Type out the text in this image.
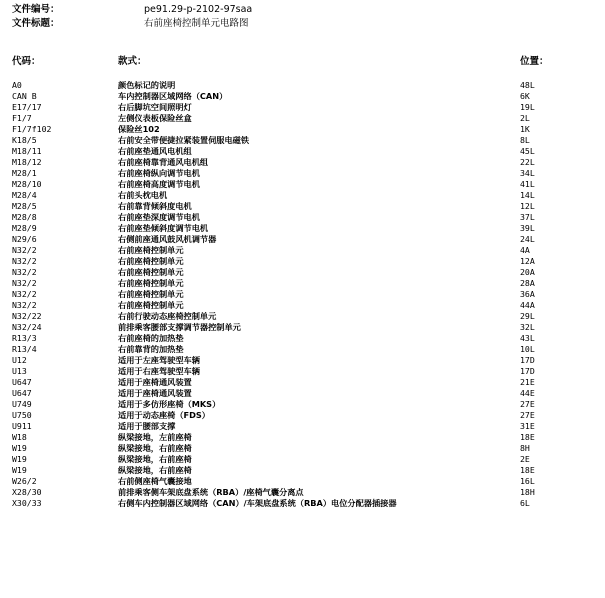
文件编号：	pe91.29-p-2102-97saa
文件标题：	右前座椅控制单元电路图
代码：	款式：	位置：
A0	颜色标记的说明	48L
CAN B	车内控制器区域网络（CAN）	6K
E17/17	右后脚坑空间照明灯	19L
F1/7	左侧仪表板保险丝盒	2L
F1/7f102	保险丝102	1K
K18/5	右前安全带便捷拉紧装置伺服电磁铁	8L
M18/11	右前座垫通风电机组	45L
M18/12	右前座椅靠背通风电机组	22L
M28/1	右前座椅纵向调节电机	34L
M28/10	右前座椅高度调节电机	41L
M28/4	右前头枕电机	14L
M28/5	右前靠背倾斜度电机	12L
M28/8	右前座垫深度调节电机	37L
M28/9	右前座垫倾斜度调节电机	39L
N29/6	右侧前座通风鼓风机调节器	24L
N32/2	右前座椅控制单元	4A
N32/2	右前座椅控制单元	12A
N32/2	右前座椅控制单元	20A
N32/2	右前座椅控制单元	28A
N32/2	右前座椅控制单元	36A
N32/2	右前座椅控制单元	44A
N32/22	右前行驶动态座椅控制单元	29L
N32/24	前排乘客腰部支撑调节器控制单元	32L
R13/3	右前座椅的加热垫	43L
R13/4	右前靠背的加热垫	10L
U12	适用于左座驾驶型车辆	17D
U13	适用于右座驾驶型车辆	17D
U647	适用于座椅通风装置	21E
U647	适用于座椅通风装置	44E
U749	适用于多仿形座椅（MKS）	27E
U750	适用于动态座椅（FDS）	27E
U911	适用于腰部支撑	31E
W18	纵梁接地，左前座椅	18E
W19	纵梁接地，右前座椅	8H
W19	纵梁接地，右前座椅	2E
W19	纵梁接地，右前座椅	18E
W26/2	右前侧座椅气囊接地	16L
X28/30	前排乘客侧车架底盘系统（RBA）/座椅气囊分离点	18H
X30/33	右侧车内控制器区域网络（CAN）/车架底盘系统（RBA）电位分配器插接器	6L
